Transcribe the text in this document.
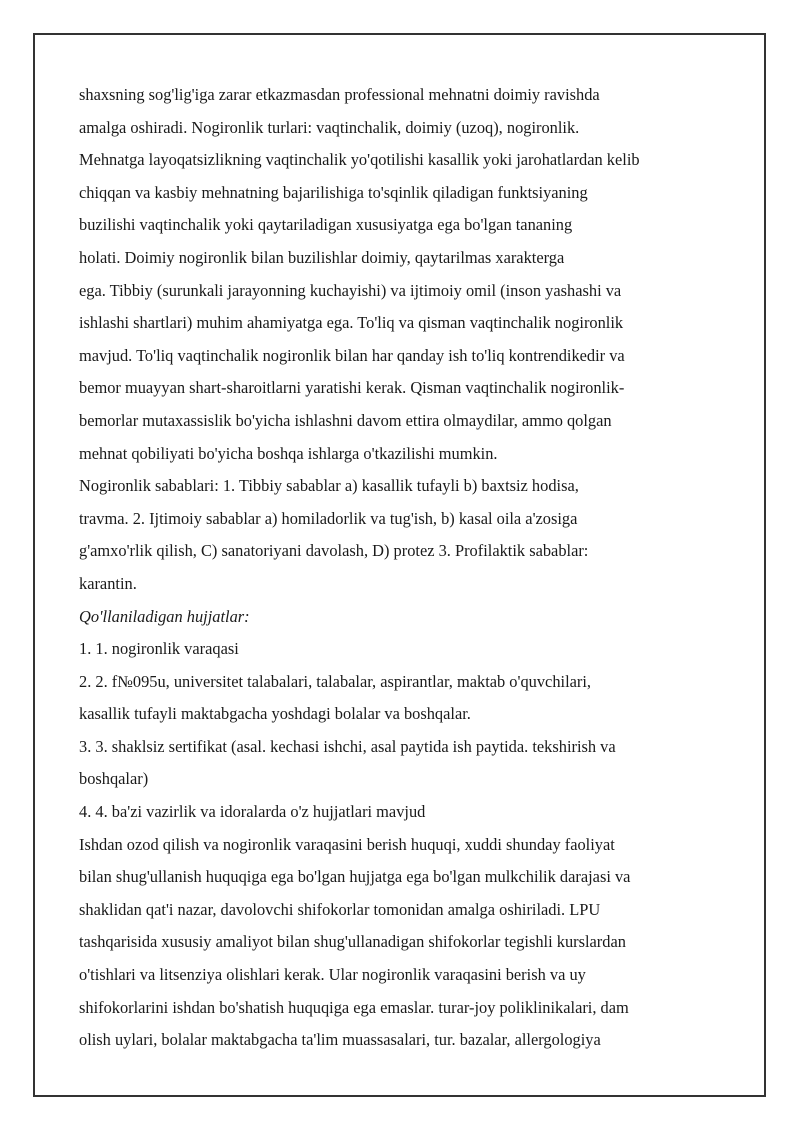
shaxsning sog'lig'iga zarar etkazmasdan professional mehnatni doimiy ravishda
amalga oshiradi. Nogironlik turlari: vaqtinchalik, doimiy (uzoq), nogironlik.
Mehnatga layoqatsizlikning vaqtinchalik yo'qotilishi kasallik yoki jarohatlardan kelib
chiqqan va kasbiy mehnatning bajarilishiga to'sqinlik qiladigan funktsiyaning
buzilishi vaqtinchalik yoki qaytariladigan xususiyatga ega bo'lgan tananing
holati. Doimiy nogironlik bilan buzilishlar doimiy, qaytarilmas xarakterga
ega. Tibbiy (surunkali jarayonning kuchayishi) va ijtimoiy omil (inson yashashi va
ishlashi shartlari) muhim ahamiyatga ega. To'liq va qisman vaqtinchalik nogironlik
mavjud. To'liq vaqtinchalik nogironlik bilan har qanday ish to'liq kontrendikedir va
bemor muayyan shart-sharoitlarni yaratishi kerak. Qisman vaqtinchalik nogironlik-
bemorlar mutaxassislik bo'yicha ishlashni davom ettira olmaydilar, ammo qolgan
mehnat qobiliyati bo'yicha boshqa ishlarga o'tkazilishi mumkin.
Nogironlik sabablari: 1. Tibbiy sabablar a) kasallik tufayli b) baxtsiz hodisa,
travma. 2. Ijtimoiy sabablar a) homiladorlik va tug'ish, b) kasal oila a'zosiga
g'amxo'rlik qilish, C) sanatoriyani davolash, D) protez 3. Profilaktik sabablar:
karantin.
Qo'llaniladigan hujjatlar:
1. 1. nogironlik varaqasi
2. 2. f№095u, universitet talabalari, talabalar, aspirantlar, maktab o'quvchilari,
kasallik tufayli maktabgacha yoshdagi bolalar va boshqalar.
3. 3. shaklsiz sertifikat (asal. kechasi ishchi, asal paytida ish paytida. tekshirish va
boshqalar)
4. 4. ba'zi vazirlik va idoralarda o'z hujjatlari mavjud
Ishdan ozod qilish va nogironlik varaqasini berish huquqi, xuddi shunday faoliyat
bilan shug'ullanish huquqiga ega bo'lgan hujjatga ega bo'lgan mulkchilik darajasi va
shaklidan qat'i nazar, davolovchi shifokorlar tomonidan amalga oshiriladi. LPU
tashqarisida xususiy amaliyot bilan shug'ullanadigan shifokorlar tegishli kurslardan
o'tishlari va litsenziya olishlari kerak. Ular nogironlik varaqasini berish va uy
shifokorlarini ishdan bo'shatish huquqiga ega emaslar. turar-joy poliklinikalari, dam
olish uylari, bolalar maktabgacha ta'lim muassasalari, tur. bazalar, allergologiya
